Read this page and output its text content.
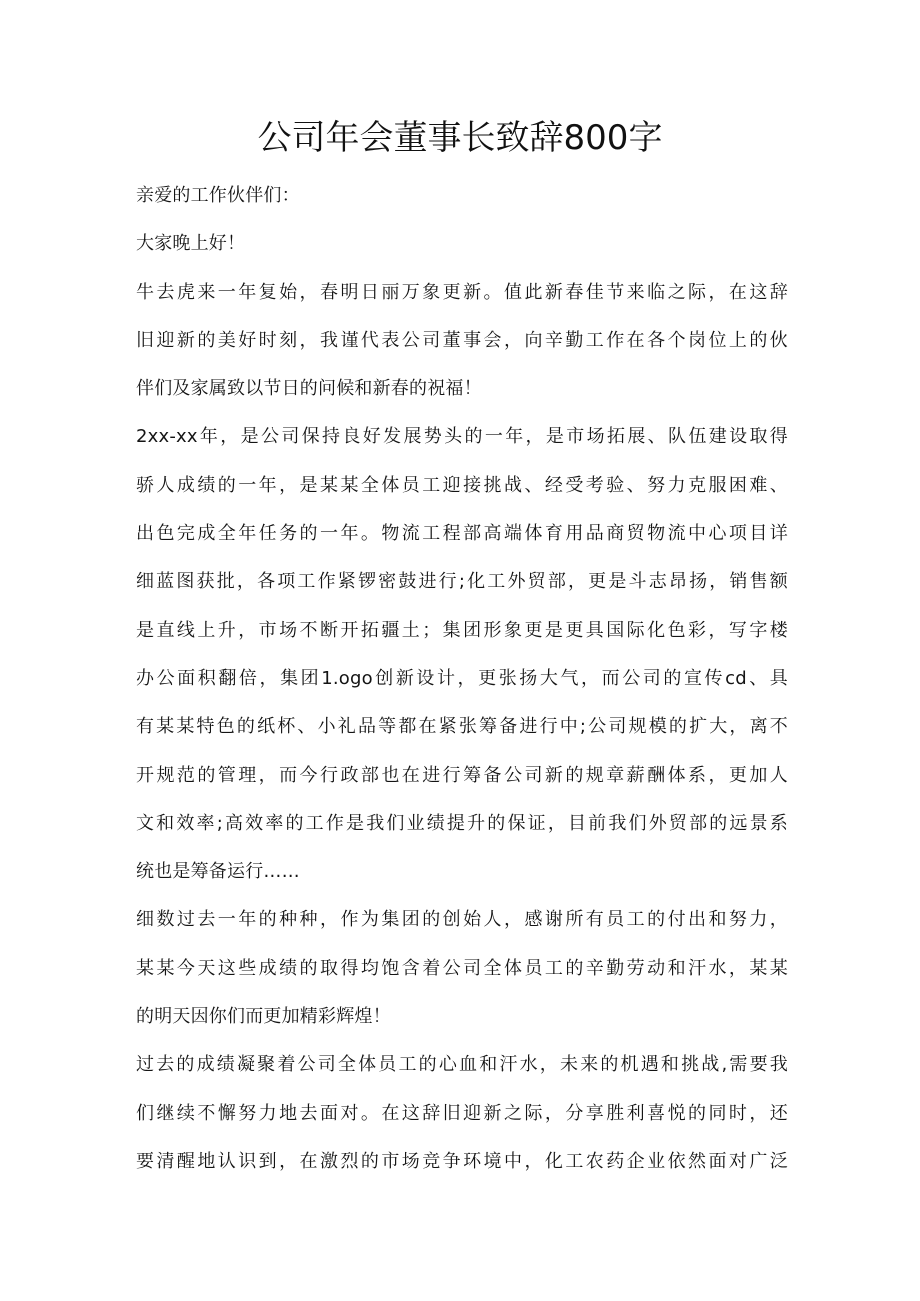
公司年会董事长致辞800字

亲爱的工作伙伴们：

大家晚上好！

牛去虎来一年复始，春明日丽万象更新。值此新春佳节来临之际，在这辞

旧迎新的美好时刻，我谨代表公司董事会，向辛勤工作在各个岗位上的伙

伴们及家属致以节日的问候和新春的祝福！

2xx-xx年，是公司保持良好发展势头的一年，是市场拓展、队伍建设取得

骄人成绩的一年，是某某全体员工迎接挑战、经受考验、努力克服困难、

出色完成全年任务的一年。物流工程部高端体育用品商贸物流中心项目详

细蓝图获批，各项工作紧锣密鼓进行;化工外贸部，更是斗志昂扬，销售额

是直线上升，市场不断开拓疆土；集团形象更是更具国际化色彩，写字楼

办公面积翻倍，集团1.ogo创新设计，更张扬大气，而公司的宣传cd、具

有某某特色的纸杯、小礼品等都在紧张筹备进行中;公司规模的扩大，离不

开规范的管理，而今行政部也在进行筹备公司新的规章薪酬体系，更加人

文和效率;高效率的工作是我们业绩提升的保证，目前我们外贸部的远景系

统也是筹备运行……

细数过去一年的种种，作为集团的创始人，感谢所有员工的付出和努力，

某某今天这些成绩的取得均饱含着公司全体员工的辛勤劳动和汗水，某某

的明天因你们而更加精彩辉煌！

过去的成绩凝聚着公司全体员工的心血和汗水，未来的机遇和挑战,需要我

们继续不懈努力地去面对。在这辞旧迎新之际，分享胜利喜悦的同时，还

要清醒地认识到，在激烈的市场竞争环境中，化工农药企业依然面对广泛
